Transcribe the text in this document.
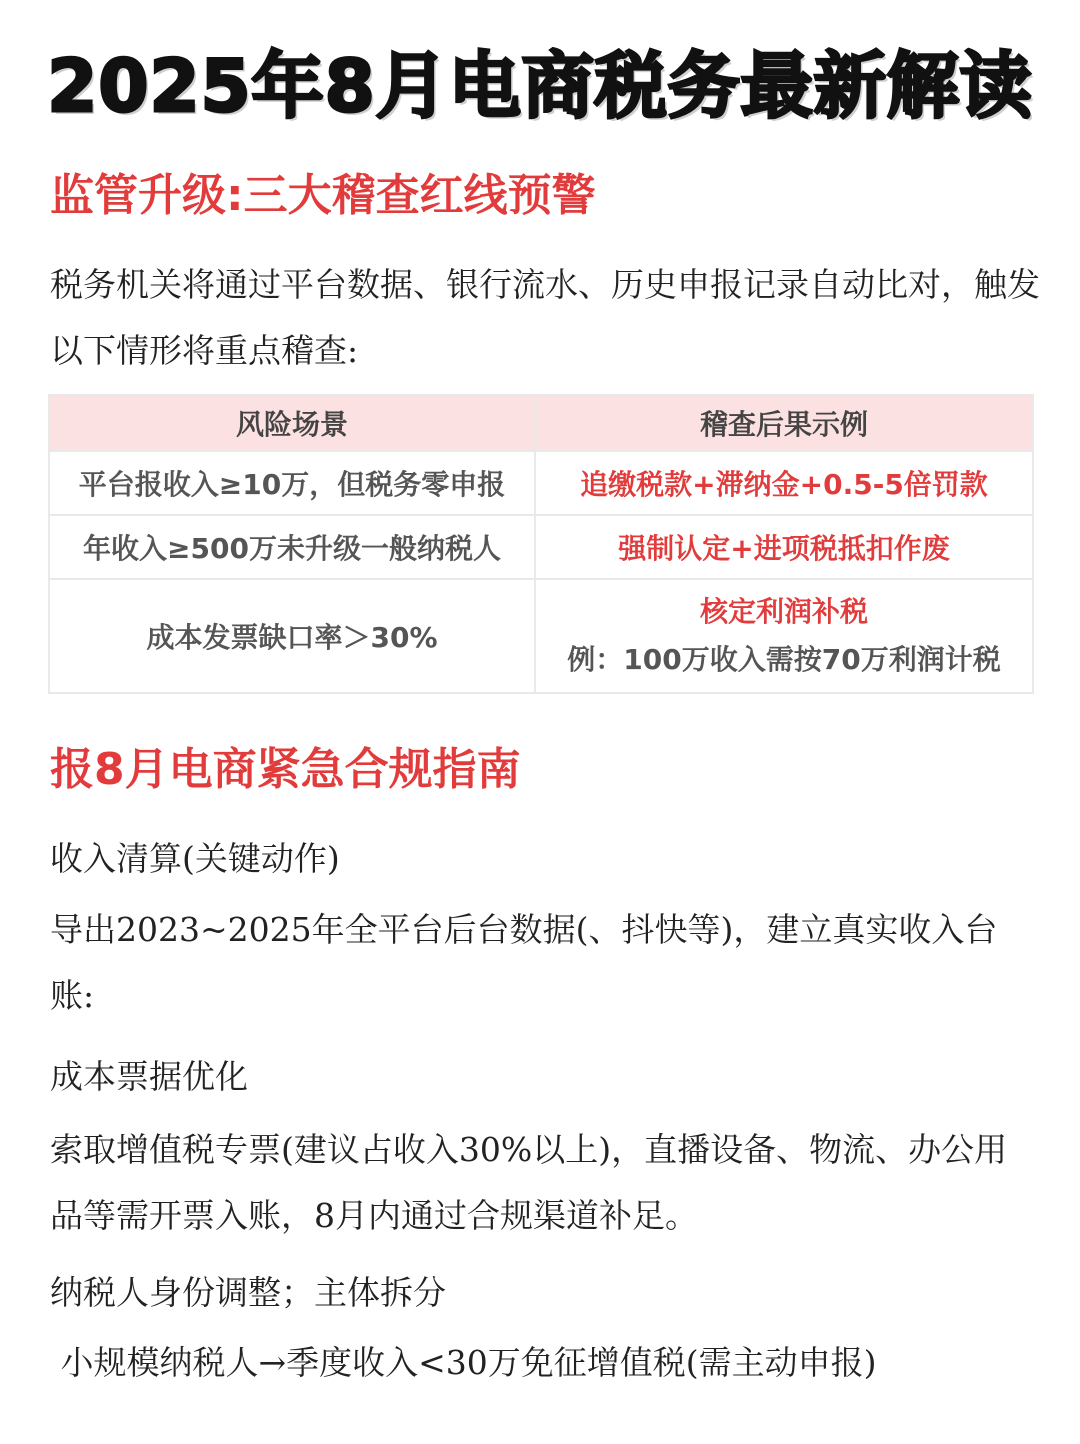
2025年8月电商税务最新解读
监管升级:三大稽查红线预警
税务机关将通过平台数据、银行流水、历史申报记录自动比对，触发以下情形将重点稽查:
风险场景	稽查后果示例
平台报收入≥10万，但税务零申报	追缴税款+滞纳金+0.5-5倍罚款
年收入≥500万未升级一般纳税人	强制认定+进项税抵扣作废
成本发票缺口率＞30%	核定利润补税
例：100万收入需按70万利润计税
报8月电商紧急合规指南
收入清算(关键动作)
导出2023~2025年全平台后台数据(、抖快等)，建立真实收入台账:
成本票据优化
索取增值税专票(建议占收入30%以上)，直播设备、物流、办公用品等需开票入账，8月内通过合规渠道补足。
纳税人身份调整；主体拆分
小规模纳税人→季度收入<30万免征增值税(需主动申报)
